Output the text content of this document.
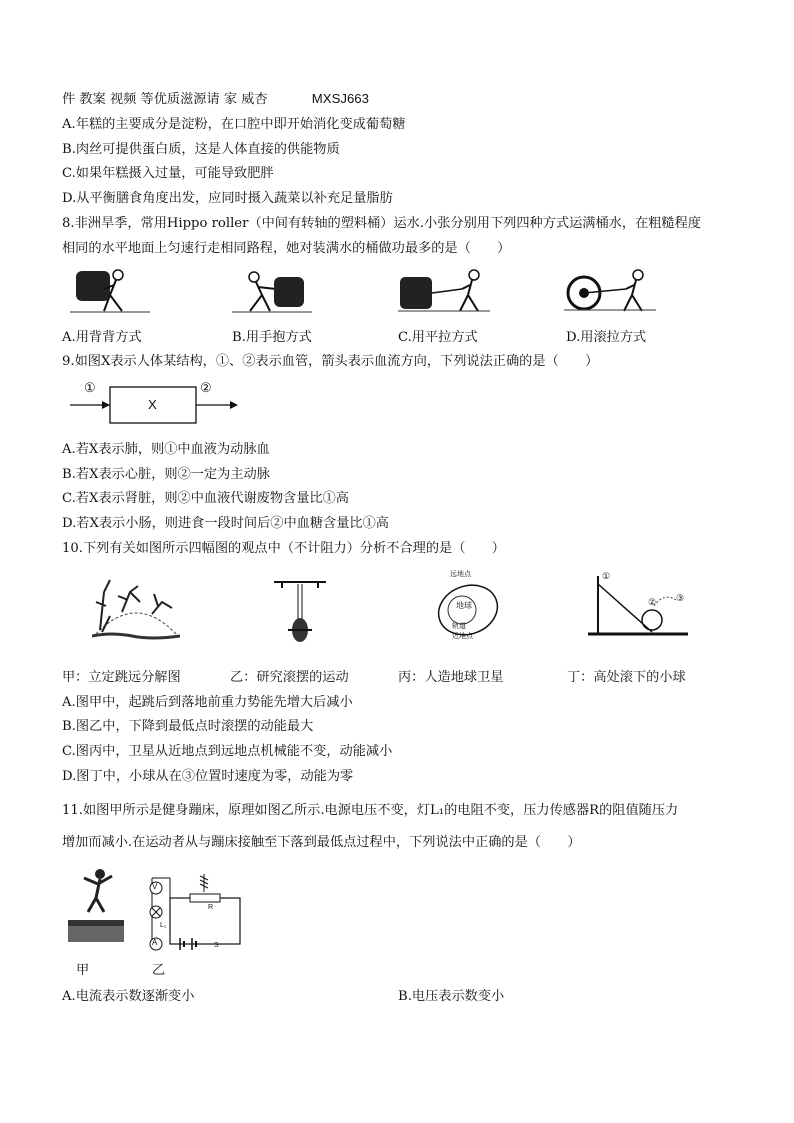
件 教案 视频 等优质滋源请 家 威杏	MXSJ663
A.年糕的主要成分是淀粉，在口腔中即开始消化变成葡萄糖
B.肉丝可提供蛋白质，这是人体直接的供能物质
C.如果年糕摄入过量，可能导致肥胖
D.从平衡膳食角度出发，应同时摄入蔬菜以补充足量脂肪
8.非洲旱季，常用Hippo roller（中间有转轴的塑料桶）运水.小张分别用下列四种方式运满桶水，在粗糙程度
相同的水平地面上匀速行走相同路程，她对装满水的桶做功最多的是（　　）
A.用背背方式	B.用手抱方式	C.用平拉方式	D.用滚拉方式
9.如图X表示人体某结构，①、②表示血管，箭头表示血流方向，下列说法正确的是（　　）
①
X
②
A.若X表示肺，则①中血液为动脉血
B.若X表示心脏，则②一定为主动脉
C.若X表示肾脏，则②中血液代谢废物含量比①高
D.若X表示小肠，则进食一段时间后②中血糖含量比①高
10.下列有关如图所示四幅图的观点中（不计阻力）分析不合理的是（　　）
远地点
地球
轨道
近地点
①
② ③
甲：立定跳远分解图	乙：研究滚摆的运动	丙：人造地球卫星	丁：高处滚下的小球
A.图甲中，起跳后到落地前重力势能先增大后减小
B.图乙中，下降到最低点时滚摆的动能最大
C.图丙中，卫星从近地点到远地点机械能不变，动能减小
D.图丁中，小球从在③位置时速度为零，动能为零
11.如图甲所示是健身蹦床，原理如图乙所示.电源电压不变，灯L₁的电阻不变，压力传感器R的阻值随压力
增加而减小.在运动者从与蹦床接触至下落到最低点过程中，下列说法中正确的是（　　）
V
A
R
L₁
S
甲	乙
A.电流表示数逐渐变小	B.电压表示数变小
